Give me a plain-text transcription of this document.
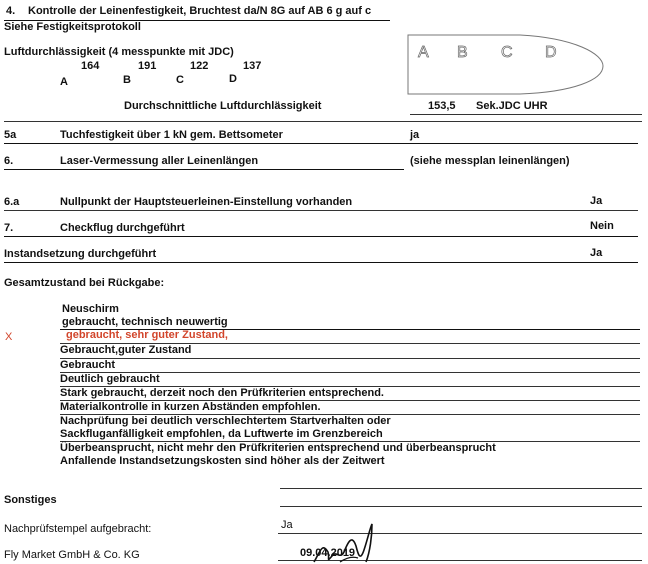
4. Kontrolle der Leinenfestigkeit, Bruchtest da/N 8G auf AB 6 g auf c
Siehe Festigkeitsprotokoll
Luftdurchlässigkeit (4 messpunkte mit JDC)
164	191	122	137
A	B	C	D
A B C D
Durchschnittliche Luftdurchlässigkeit	153,5 Sek.JDC UHR
5a	Tuchfestigkeit über 1 kN gem. Bettsometer	ja
6.	Laser-Vermessung aller Leinenlängen	(siehe messplan leinenlängen)
6.a	Nullpunkt der Hauptsteuerleinen-Einstellung vorhanden	Ja
7.	Checkflug durchgeführt	Nein
Instandsetzung durchgeführt	Ja
Gesamtzustand bei Rückgabe:
Neuschirm
gebraucht, technisch neuwertig
X	gebraucht, sehr guter Zustand,
Gebraucht,guter Zustand
Gebraucht
Deutlich gebraucht
Stark gebraucht, derzeit noch den Prüfkriterien entsprechend.
Materialkontrolle in kurzen Abständen empfohlen.
Nachprüfung bei deutlich verschlechtertem Startverhalten oder
Sackfluganfälligkeit empfohlen, da Luftwerte im Grenzbereich
Überbeansprucht, nicht mehr den Prüfkriterien entsprechend und überbeansprucht
Anfallende Instandsetzungskosten sind höher als der Zeitwert
Sonstiges
Nachprüfstempel aufgebracht:	Ja
Fly Market GmbH & Co. KG	09.04.2019
